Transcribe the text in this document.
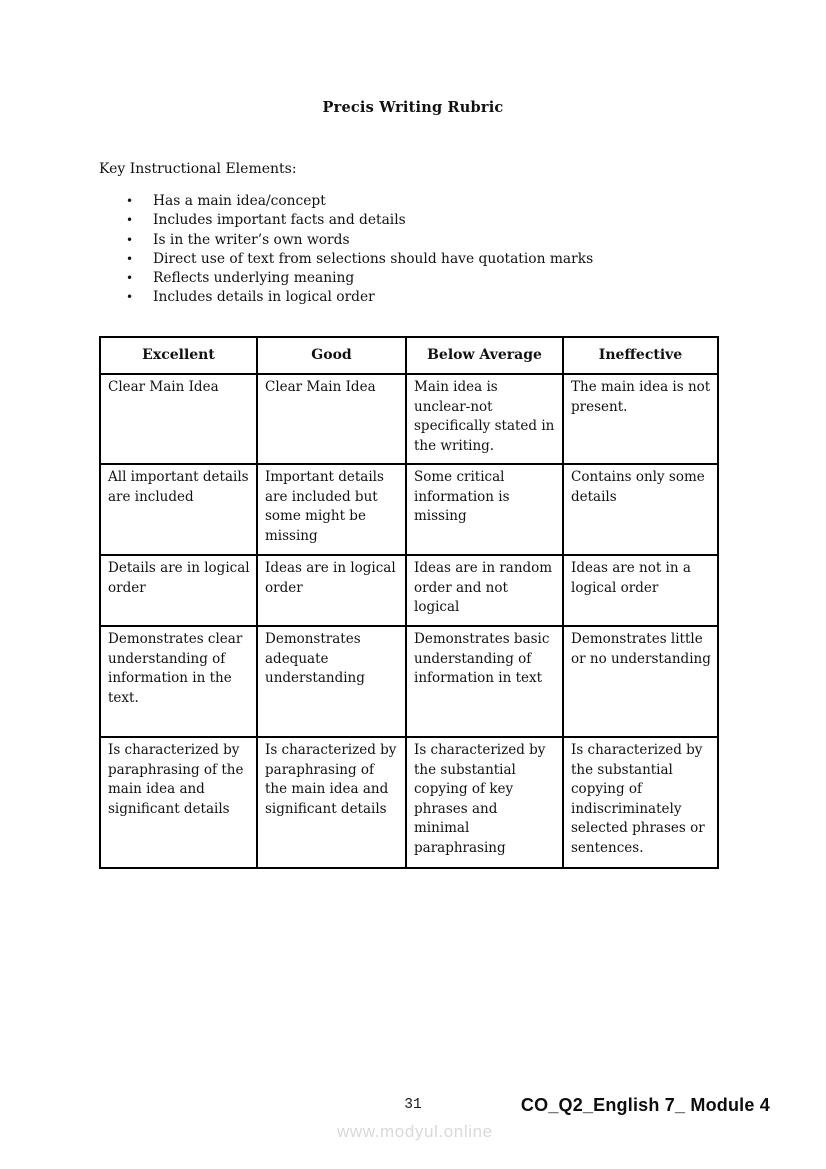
Precis Writing Rubric
Key Instructional Elements:
•	Has a main idea/concept
•	Includes important facts and details
•	Is in the writer’s own words
•	Direct use of text from selections should have quotation marks
•	Reflects underlying meaning
•	Includes details in logical order
Excellent	Good	Below Average	Ineffective
Clear Main Idea	Clear Main Idea	Main idea is unclear-not specifically stated in the writing.	The main idea is not present.
All important details are included	Important details are included but some might be missing	Some critical information is missing	Contains only some details
Details are in logical order	Ideas are in logical order	Ideas are in random order and not logical	Ideas are not in a logical order
Demonstrates clear understanding of information in the text.	Demonstrates adequate understanding	Demonstrates basic understanding of information in text	Demonstrates little or no understanding
Is characterized by paraphrasing of the main idea and significant details	Is characterized by paraphrasing of the main idea and significant details	Is characterized by the substantial copying of key phrases and minimal paraphrasing	Is characterized by the substantial copying of indiscriminately selected phrases or sentences.
31	CO_Q2_English 7_ Module 4
www.modyul.online
